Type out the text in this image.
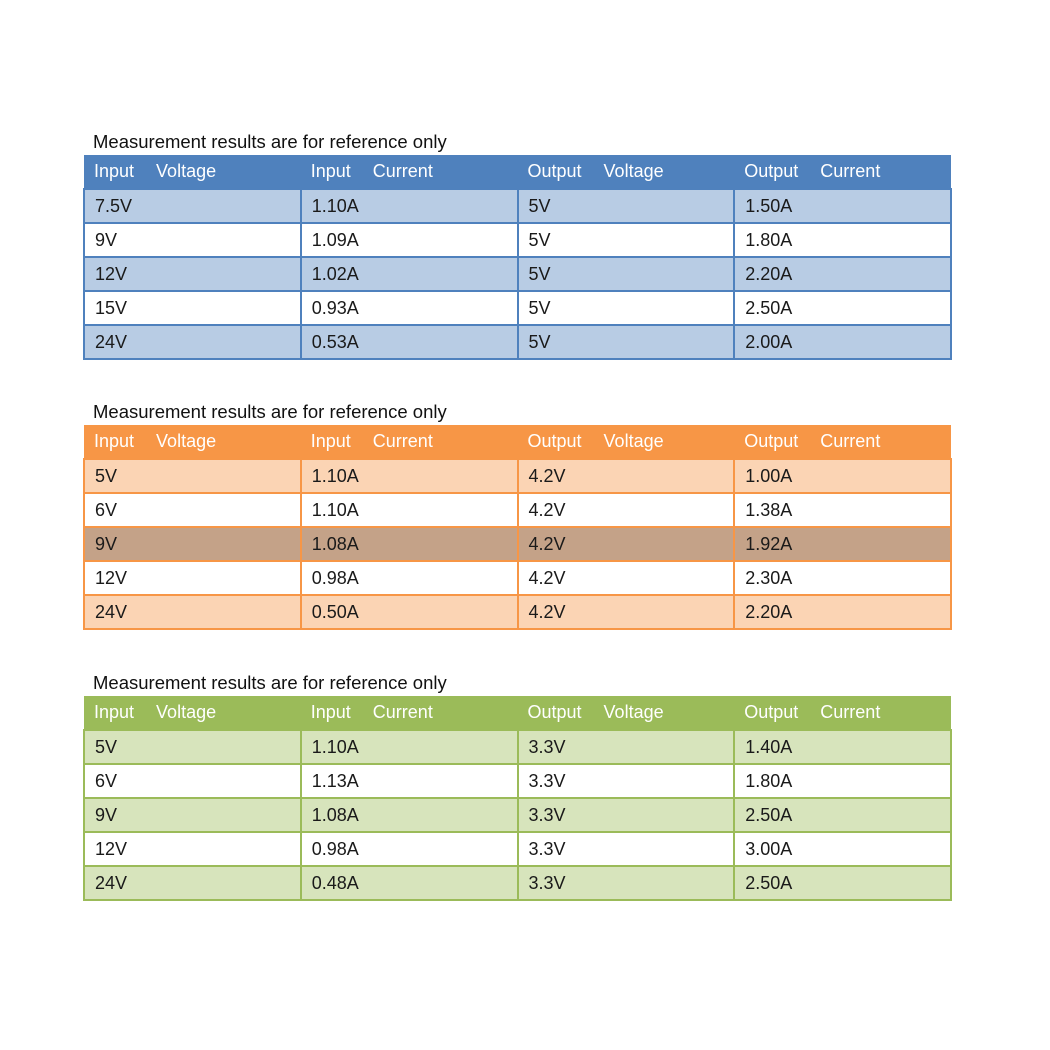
Measurement results are for reference only
Input Voltage	Input Current	Output Voltage	Output Current
7.5V	1.10A	5V	1.50A
9V	1.09A	5V	1.80A
12V	1.02A	5V	2.20A
15V	0.93A	5V	2.50A
24V	0.53A	5V	2.00A
Measurement results are for reference only
Input Voltage	Input Current	Output Voltage	Output Current
5V	1.10A	4.2V	1.00A
6V	1.10A	4.2V	1.38A
9V	1.08A	4.2V	1.92A
12V	0.98A	4.2V	2.30A
24V	0.50A	4.2V	2.20A
Measurement results are for reference only
Input Voltage	Input Current	Output Voltage	Output Current
5V	1.10A	3.3V	1.40A
6V	1.13A	3.3V	1.80A
9V	1.08A	3.3V	2.50A
12V	0.98A	3.3V	3.00A
24V	0.48A	3.3V	2.50A
